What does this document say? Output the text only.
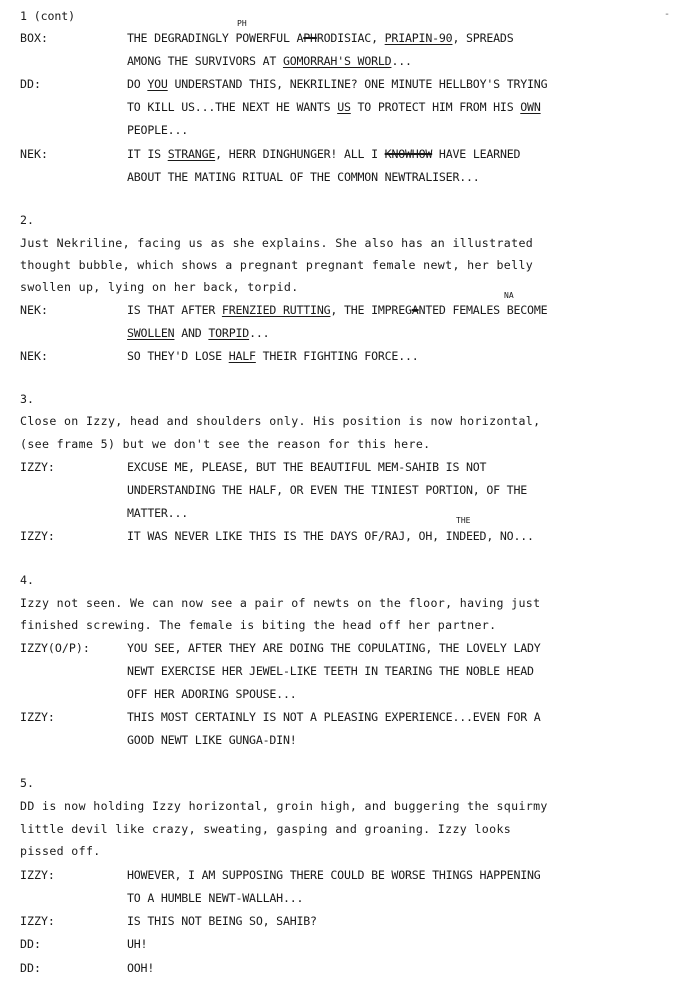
1 (cont)	-
PH
BOX:	THE DEGRADINGLY POWERFUL APHRODISIAC, PRIAPIN-90, SPREADS
AMONG THE SURVIVORS AT GOMORRAH'S WORLD...
DD:	DO YOU UNDERSTAND THIS, NEKRILINE? ONE MINUTE HELLBOY'S TRYING
TO KILL US...THE NEXT HE WANTS US TO PROTECT HIM FROM HIS OWN
PEOPLE...
NEK:	IT IS STRANGE, HERR DINGHUNGER! ALL I KNOWHOW HAVE LEARNED
ABOUT THE MATING RITUAL OF THE COMMON NEWTRALISER...
2.
Just Nekriline, facing us as she explains. She also has an illustrated
thought bubble, which shows a pregnant pregnant female newt, her belly
swollen up, lying on her back, torpid.
NA
NEK:	IS THAT AFTER FRENZIED RUTTING, THE IMPREGANTED FEMALES BECOME
SWOLLEN AND TORPID...
NEK:	SO THEY'D LOSE HALF THEIR FIGHTING FORCE...
3.
Close on Izzy, head and shoulders only. His position is now horizontal,
(see frame 5) but we don't see the reason for this here.
IZZY:	EXCUSE ME, PLEASE, BUT THE BEAUTIFUL MEM-SAHIB IS NOT
UNDERSTANDING THE HALF, OR EVEN THE TINIEST PORTION, OF THE
MATTER...
THE
IZZY:	IT WAS NEVER LIKE THIS IS THE DAYS OF/RAJ, OH, INDEED, NO...
4.
Izzy not seen. We can now see a pair of newts on the floor, having just
finished screwing. The female is biting the head off her partner.
IZZY(O/P):	YOU SEE, AFTER THEY ARE DOING THE COPULATING, THE LOVELY LADY
NEWT EXERCISE HER JEWEL-LIKE TEETH IN TEARING THE NOBLE HEAD
OFF HER ADORING SPOUSE...
IZZY:	THIS MOST CERTAINLY IS NOT A PLEASING EXPERIENCE...EVEN FOR A
GOOD NEWT LIKE GUNGA-DIN!
5.
DD is now holding Izzy horizontal, groin high, and buggering the squirmy
little devil like crazy, sweating, gasping and groaning. Izzy looks
pissed off.
IZZY:	HOWEVER, I AM SUPPOSING THERE COULD BE WORSE THINGS HAPPENING
TO A HUMBLE NEWT-WALLAH...
IZZY:	IS THIS NOT BEING SO, SAHIB?
DD:	UH!
DD:	OOH!
